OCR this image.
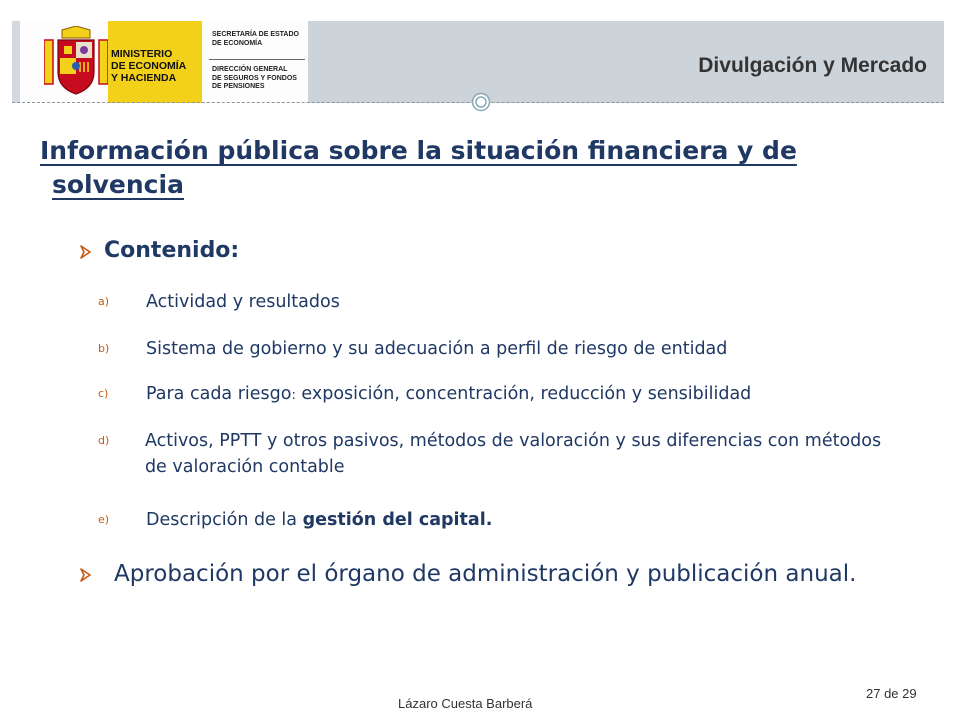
MINISTERIO
DE ECONOMÍA
Y HACIENDA
SECRETARÍA DE ESTADO
DE ECONOMÍA
DIRECCIÓN GENERAL
DE SEGUROS Y FONDOS
DE PENSIONES
Divulgación y Mercado
Información pública sobre la situación financiera y de
solvencia
Contenido:
a)	Actividad y resultados
b)	Sistema de gobierno y su adecuación a perfil de riesgo de entidad
c)	Para cada riesgo: exposición, concentración, reducción y sensibilidad
d)	Activos, PPTT y otros pasivos, métodos de valoración y sus diferencias con métodos de valoración contable
e)	Descripción de la gestión del capital.
Aprobación por el órgano de administración y publicación anual.
Lázaro Cuesta Barberá
27 de 29
